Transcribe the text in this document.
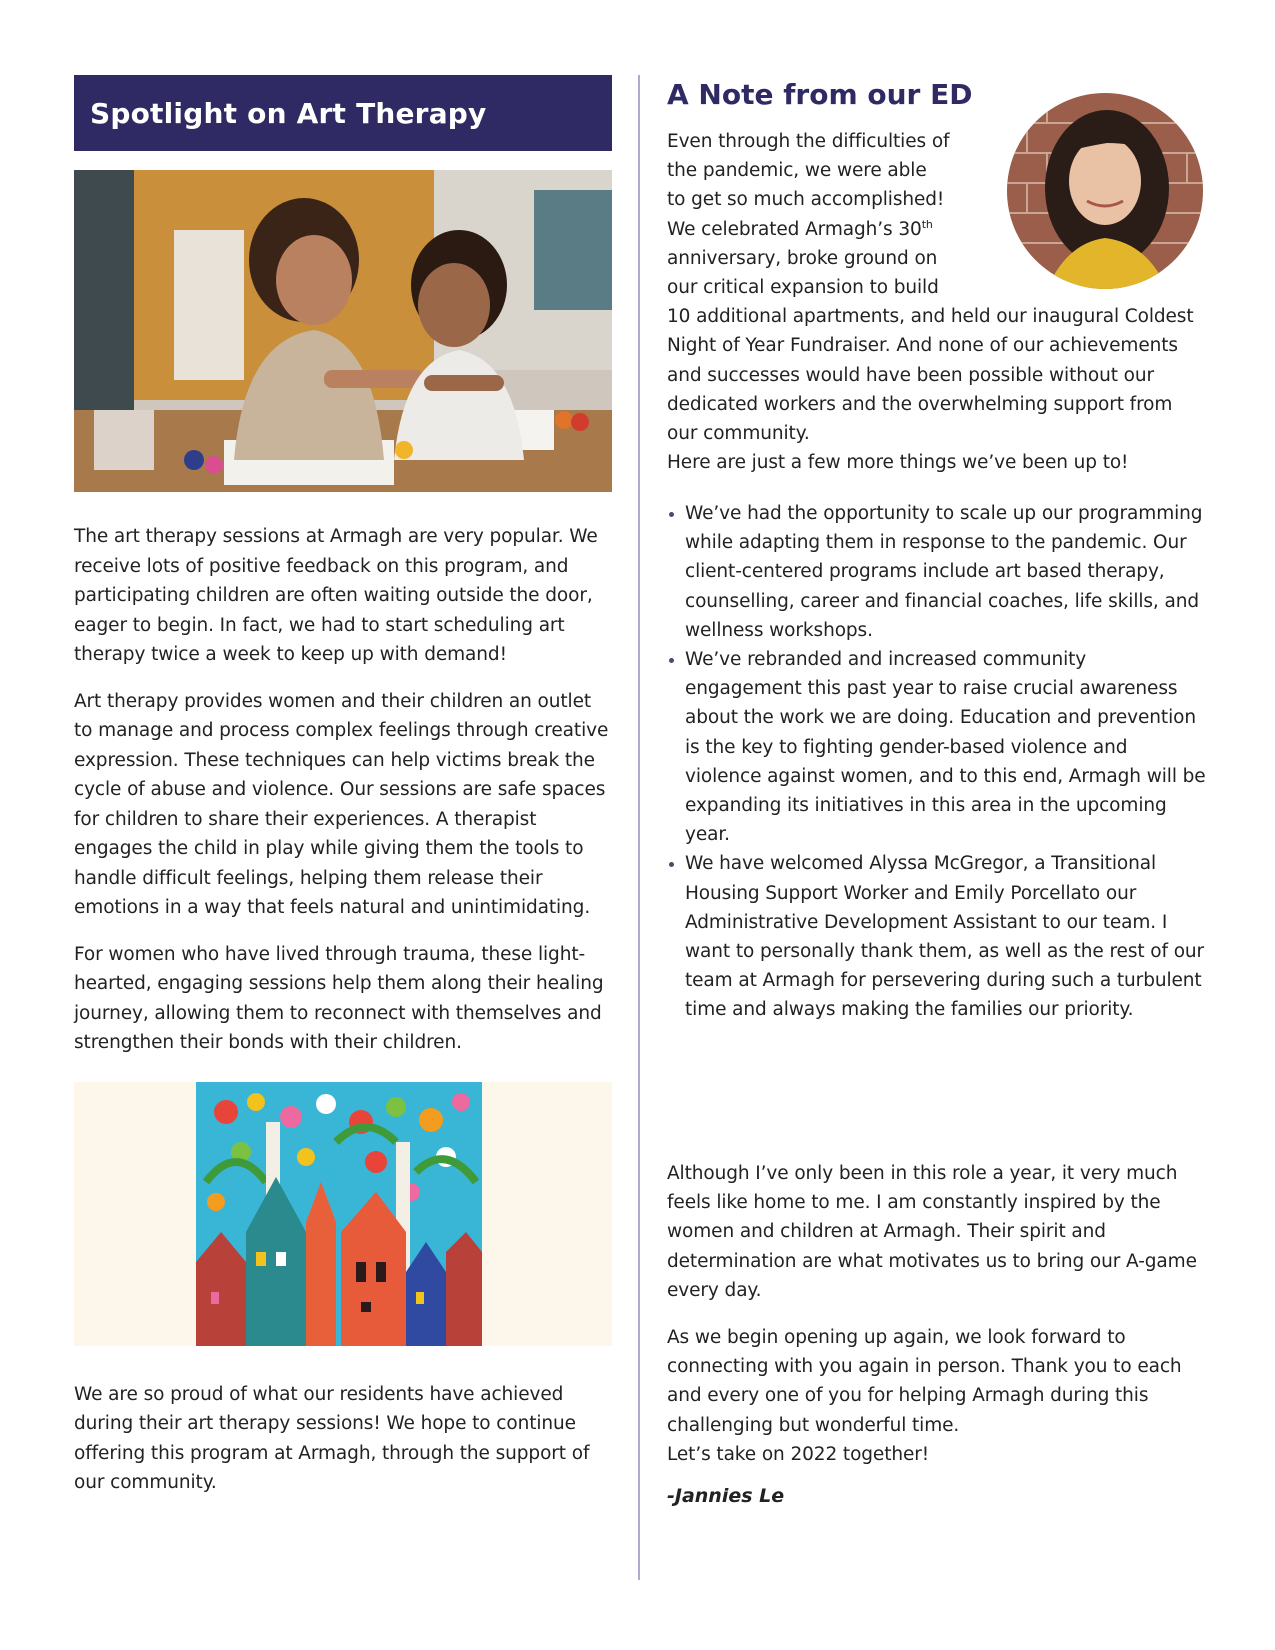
Spotlight on Art Therapy

The art therapy sessions at Armagh are very popular. We receive lots of positive feedback on this program, and participating children are often waiting outside the door, eager to begin. In fact, we had to start scheduling art therapy twice a week to keep up with demand!

Art therapy provides women and their children an outlet to manage and process complex feelings through creative expression. These techniques can help victims break the cycle of abuse and violence. Our sessions are safe spaces for children to share their experiences. A therapist engages the child in play while giving them the tools to handle difficult feelings, helping them release their emotions in a way that feels natural and unintimidating.

For women who have lived through trauma, these light-hearted, engaging sessions help them along their healing journey, allowing them to reconnect with themselves and strengthen their bonds with their children.

We are so proud of what our residents have achieved during their art therapy sessions! We hope to continue offering this program at Armagh, through the support of our community.

A Note from our ED
Even through the difficulties of
the pandemic, we were able
to get so much accomplished!
We celebrated Armagh’s 30th
anniversary, broke ground on
our critical expansion to build
10 additional apartments, and held our inaugural Coldest Night of Year Fundraiser. And none of our achievements and successes would have been possible without our dedicated workers and the overwhelming support from our community.
Here are just a few more things we’ve been up to!
We’ve had the opportunity to scale up our programming while adapting them in response to the pandemic. Our client-centered programs include art based therapy, counselling, career and financial coaches, life skills, and wellness workshops.
We’ve rebranded and increased community engagement this past year to raise crucial awareness about the work we are doing. Education and prevention is the key to fighting gender-based violence and violence against women, and to this end, Armagh will be expanding its initiatives in this area in the upcoming year.
We have welcomed Alyssa McGregor, a Transitional Housing Support Worker and Emily Porcellato our Administrative Development Assistant to our team. I want to personally thank them, as well as the rest of our team at Armagh for persevering during such a turbulent time and always making the families our priority.

Although I’ve only been in this role a year, it very much feels like home to me. I am constantly inspired by the women and children at Armagh. Their spirit and determination are what motivates us to bring our A-game every day.

As we begin opening up again, we look forward to connecting with you again in person. Thank you to each and every one of you for helping Armagh during this challenging but wonderful time.
Let’s take on 2022 together!
-Jannies Le
